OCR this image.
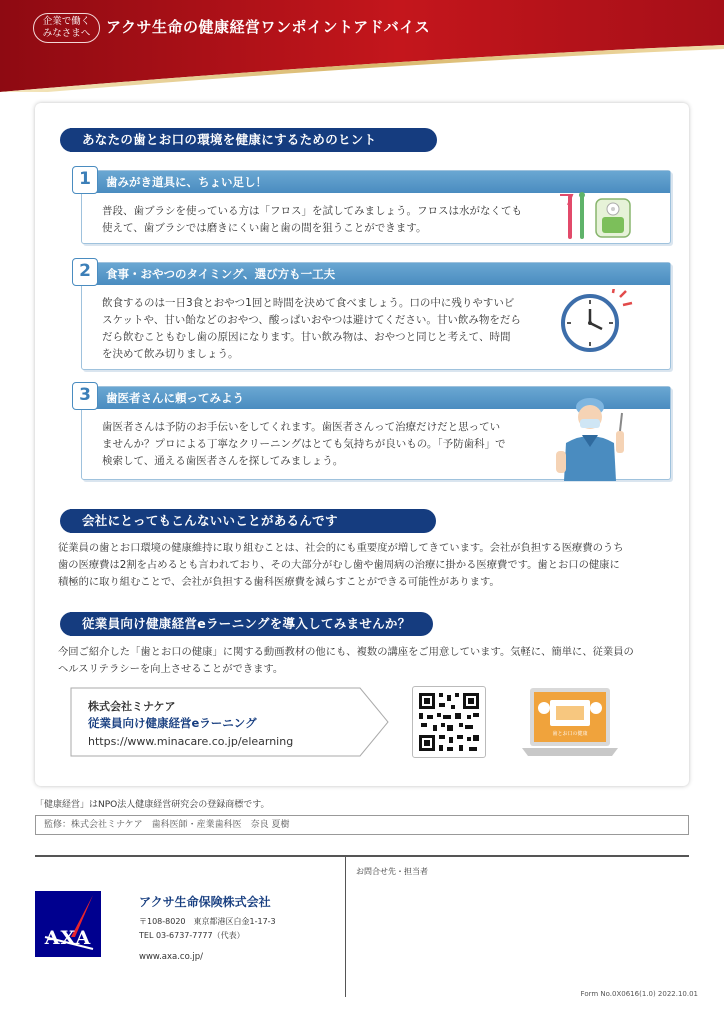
企業で働く
みなさまへ	アクサ生命の健康経営ワンポイントアドバイス
あなたの歯とお口の環境を健康にするためのヒント
歯みがき道具に、ちょい足し！
普段、歯ブラシを使っている方は「フロス」を試してみましょう。フロスは水がなくても
使えて、歯ブラシでは磨きにくい歯と歯の間を狙うことができます。
1
食事・おやつのタイミング、選び方も一工夫
飲食するのは一日3食とおやつ1回と時間を決めて食べましょう。口の中に残りやすいビ
スケットや、甘い飴などのおやつ、酸っぱいおやつは避けてください。甘い飲み物をだら
だら飲むこともむし歯の原因になります。甘い飲み物は、おやつと同じと考えて、時間
を決めて飲み切りましょう。
2
歯医者さんに頼ってみよう
歯医者さんは予防のお手伝いをしてくれます。歯医者さんって治療だけだと思ってい
ませんか？プロによる丁寧なクリーニングはとても気持ちが良いもの。「予防歯科」で
検索して、通える歯医者さんを探してみましょう。
3
会社にとってもこんないいことがあるんです
従業員の歯とお口環境の健康維持に取り組むことは、社会的にも重要度が増してきています。会社が負担する医療費のうち
歯の医療費は2割を占めるとも言われており、その大部分がむし歯や歯周病の治療に掛かる医療費です。歯とお口の健康に
積極的に取り組むことで、会社が負担する歯科医療費を減らすことができる可能性があります。
従業員向け健康経営eラーニングを導入してみませんか？
今回ご紹介した「歯とお口の健康」に関する動画教材の他にも、複数の講座をご用意しています。気軽に、簡単に、従業員の
ヘルスリテラシーを向上させることができます。
株式会社ミナケア
従業員向け健康経営eラーニング
https://www.minacare.co.jp/elearning
歯とお口の健康
「健康経営」はNPO法人健康経営研究会の登録商標です。
監修：株式会社ミナケア　歯科医師・産業歯科医　奈良 夏樹
AXA
アクサ生命保険株式会社
〒108-8020　東京都港区白金1-17-3
TEL 03-6737-7777（代表）
www.axa.co.jp/
お問合せ先・担当者
Form No.0X0616(1.0) 2022.10.01
